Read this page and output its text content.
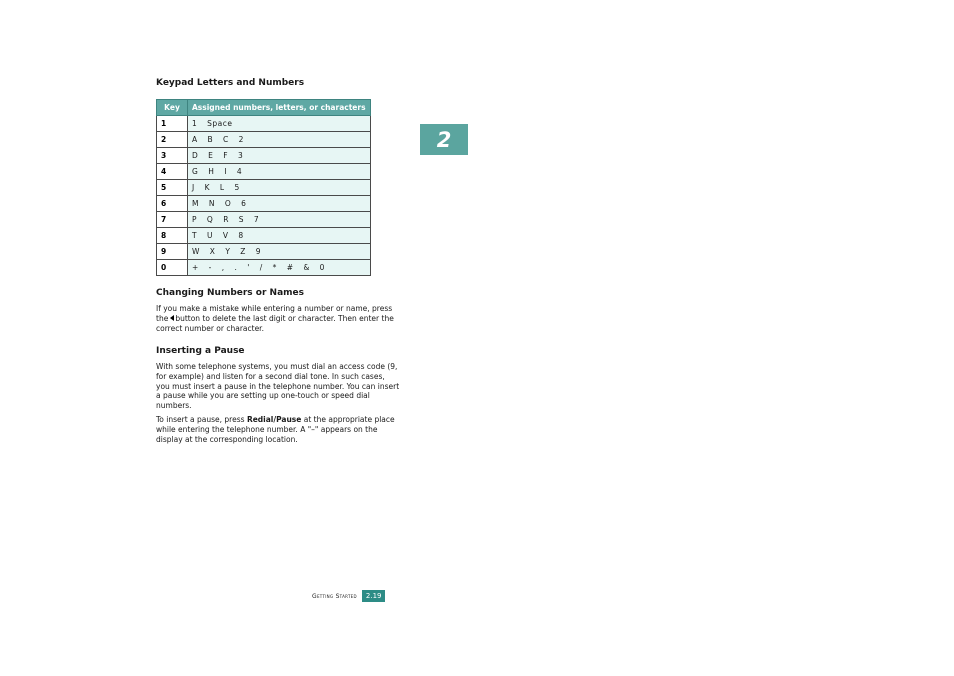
Keypad Letters and Numbers
Key	Assigned numbers, letters, or characters
1	1 Space
2	A B C 2
3	D E F 3
4	G H I 4
5	J K L 5
6	M N O 6
7	P Q R S 7
8	T U V 8
9	W X Y Z 9
0	+ - , . ' / * # & 0
Changing Numbers or Names

If you make a mistake while entering a number or name, press the button to delete the last digit or character. Then enter the correct number or character.

Inserting a Pause

With some telephone systems, you must dial an access code (9, for example) and listen for a second dial tone. In such cases, you must insert a pause in the telephone number. You can insert a pause while you are setting up one-touch or speed dial numbers.

To insert a pause, press Redial/Pause at the appropriate place while entering the telephone number. A "–" appears on the display at the corresponding location.

2
Getting Started	2.19
